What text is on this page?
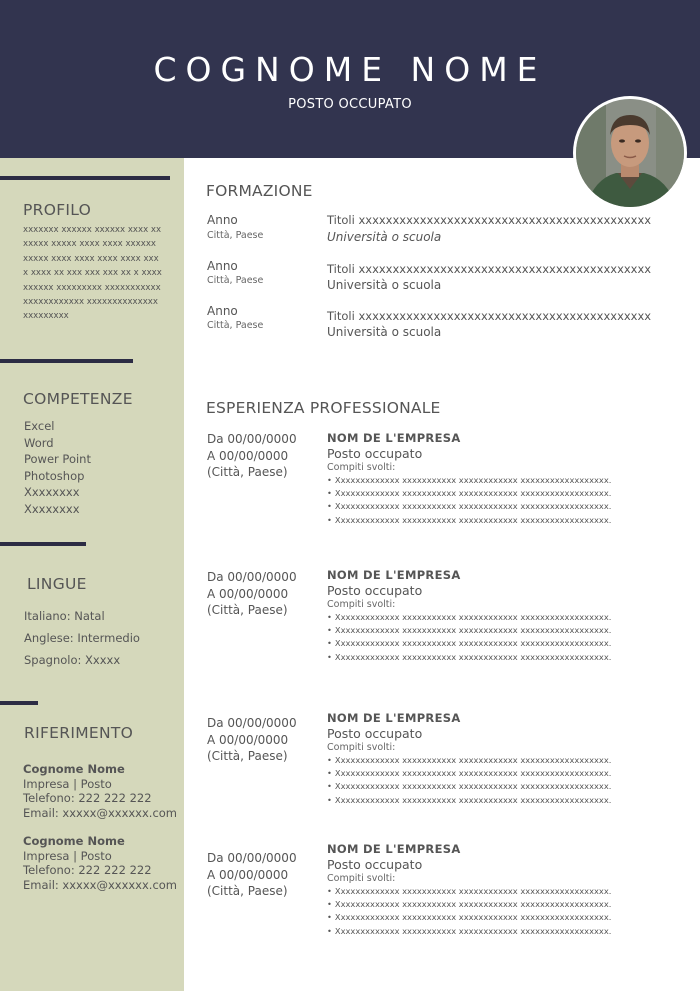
COGNOME NOME
POSTO OCCUPATO
PROFILO
xxxxxxx xxxxxx xxxxxx xxxx xxxxxxx xxxxx xxxx xxxx xxxxxx xxxxx xxxx xxxx xxxx xxxx xxxx xxxx xx xxx xxx xxx xx x xxxxxxxxxx xxxxxxxxx xxxxxxxxxxxxxxxxxxxxxxx xxxxxxxxxxxxxxxxxxxxxxx
COMPETENZE
Excel
Word
Power Point
Photoshop
Xxxxxxxx
Xxxxxxxx
LINGUE
Italiano: Natal
Anglese: Intermedio
Spagnolo: Xxxxx
RIFERIMENTO
Cognome Nome
Impresa | Posto
Telefono: 222 222 222
Email: xxxxx@xxxxxx.com
Cognome Nome
Impresa | Posto
Telefono: 222 222 222
Email: xxxxx@xxxxxx.com
FORMAZIONE
Anno
Città, Paese
Titoli xxxxxxxxxxxxxxxxxxxxxxxxxxxxxxxxxxxxxxxxxxx
Università o scuola
Anno
Città, Paese
Titoli xxxxxxxxxxxxxxxxxxxxxxxxxxxxxxxxxxxxxxxxxxx
Università o scuola
Anno
Città, Paese
Titoli xxxxxxxxxxxxxxxxxxxxxxxxxxxxxxxxxxxxxxxxxxx
Università o scuola
ESPERIENZA PROFESSIONALE
Da 00/00/0000
A 00/00/0000
(Città, Paese)
NOM DE L'EMPRESA
Posto occupato
Compiti svolti:
• Xxxxxxxxxxxxx xxxxxxxxxxx xxxxxxxxxxxx xxxxxxxxxxxxxxxxxx.
• Xxxxxxxxxxxxx xxxxxxxxxxx xxxxxxxxxxxx xxxxxxxxxxxxxxxxxx.
• Xxxxxxxxxxxxx xxxxxxxxxxx xxxxxxxxxxxx xxxxxxxxxxxxxxxxxx.
• Xxxxxxxxxxxxx xxxxxxxxxxx xxxxxxxxxxxx xxxxxxxxxxxxxxxxxx.
Da 00/00/0000
A 00/00/0000
(Città, Paese)
NOM DE L'EMPRESA
Posto occupato
Compiti svolti:
• Xxxxxxxxxxxxx xxxxxxxxxxx xxxxxxxxxxxx xxxxxxxxxxxxxxxxxx.
• Xxxxxxxxxxxxx xxxxxxxxxxx xxxxxxxxxxxx xxxxxxxxxxxxxxxxxx.
• Xxxxxxxxxxxxx xxxxxxxxxxx xxxxxxxxxxxx xxxxxxxxxxxxxxxxxx.
• Xxxxxxxxxxxxx xxxxxxxxxxx xxxxxxxxxxxx xxxxxxxxxxxxxxxxxx.
Da 00/00/0000
A 00/00/0000
(Città, Paese)
NOM DE L'EMPRESA
Posto occupato
Compiti svolti:
• Xxxxxxxxxxxxx xxxxxxxxxxx xxxxxxxxxxxx xxxxxxxxxxxxxxxxxx.
• Xxxxxxxxxxxxx xxxxxxxxxxx xxxxxxxxxxxx xxxxxxxxxxxxxxxxxx.
• Xxxxxxxxxxxxx xxxxxxxxxxx xxxxxxxxxxxx xxxxxxxxxxxxxxxxxx.
• Xxxxxxxxxxxxx xxxxxxxxxxx xxxxxxxxxxxx xxxxxxxxxxxxxxxxxx.
Da 00/00/0000
A 00/00/0000
(Città, Paese)
NOM DE L'EMPRESA
Posto occupato
Compiti svolti:
• Xxxxxxxxxxxxx xxxxxxxxxxx xxxxxxxxxxxx xxxxxxxxxxxxxxxxxx.
• Xxxxxxxxxxxxx xxxxxxxxxxx xxxxxxxxxxxx xxxxxxxxxxxxxxxxxx.
• Xxxxxxxxxxxxx xxxxxxxxxxx xxxxxxxxxxxx xxxxxxxxxxxxxxxxxx.
• Xxxxxxxxxxxxx xxxxxxxxxxx xxxxxxxxxxxx xxxxxxxxxxxxxxxxxx.
